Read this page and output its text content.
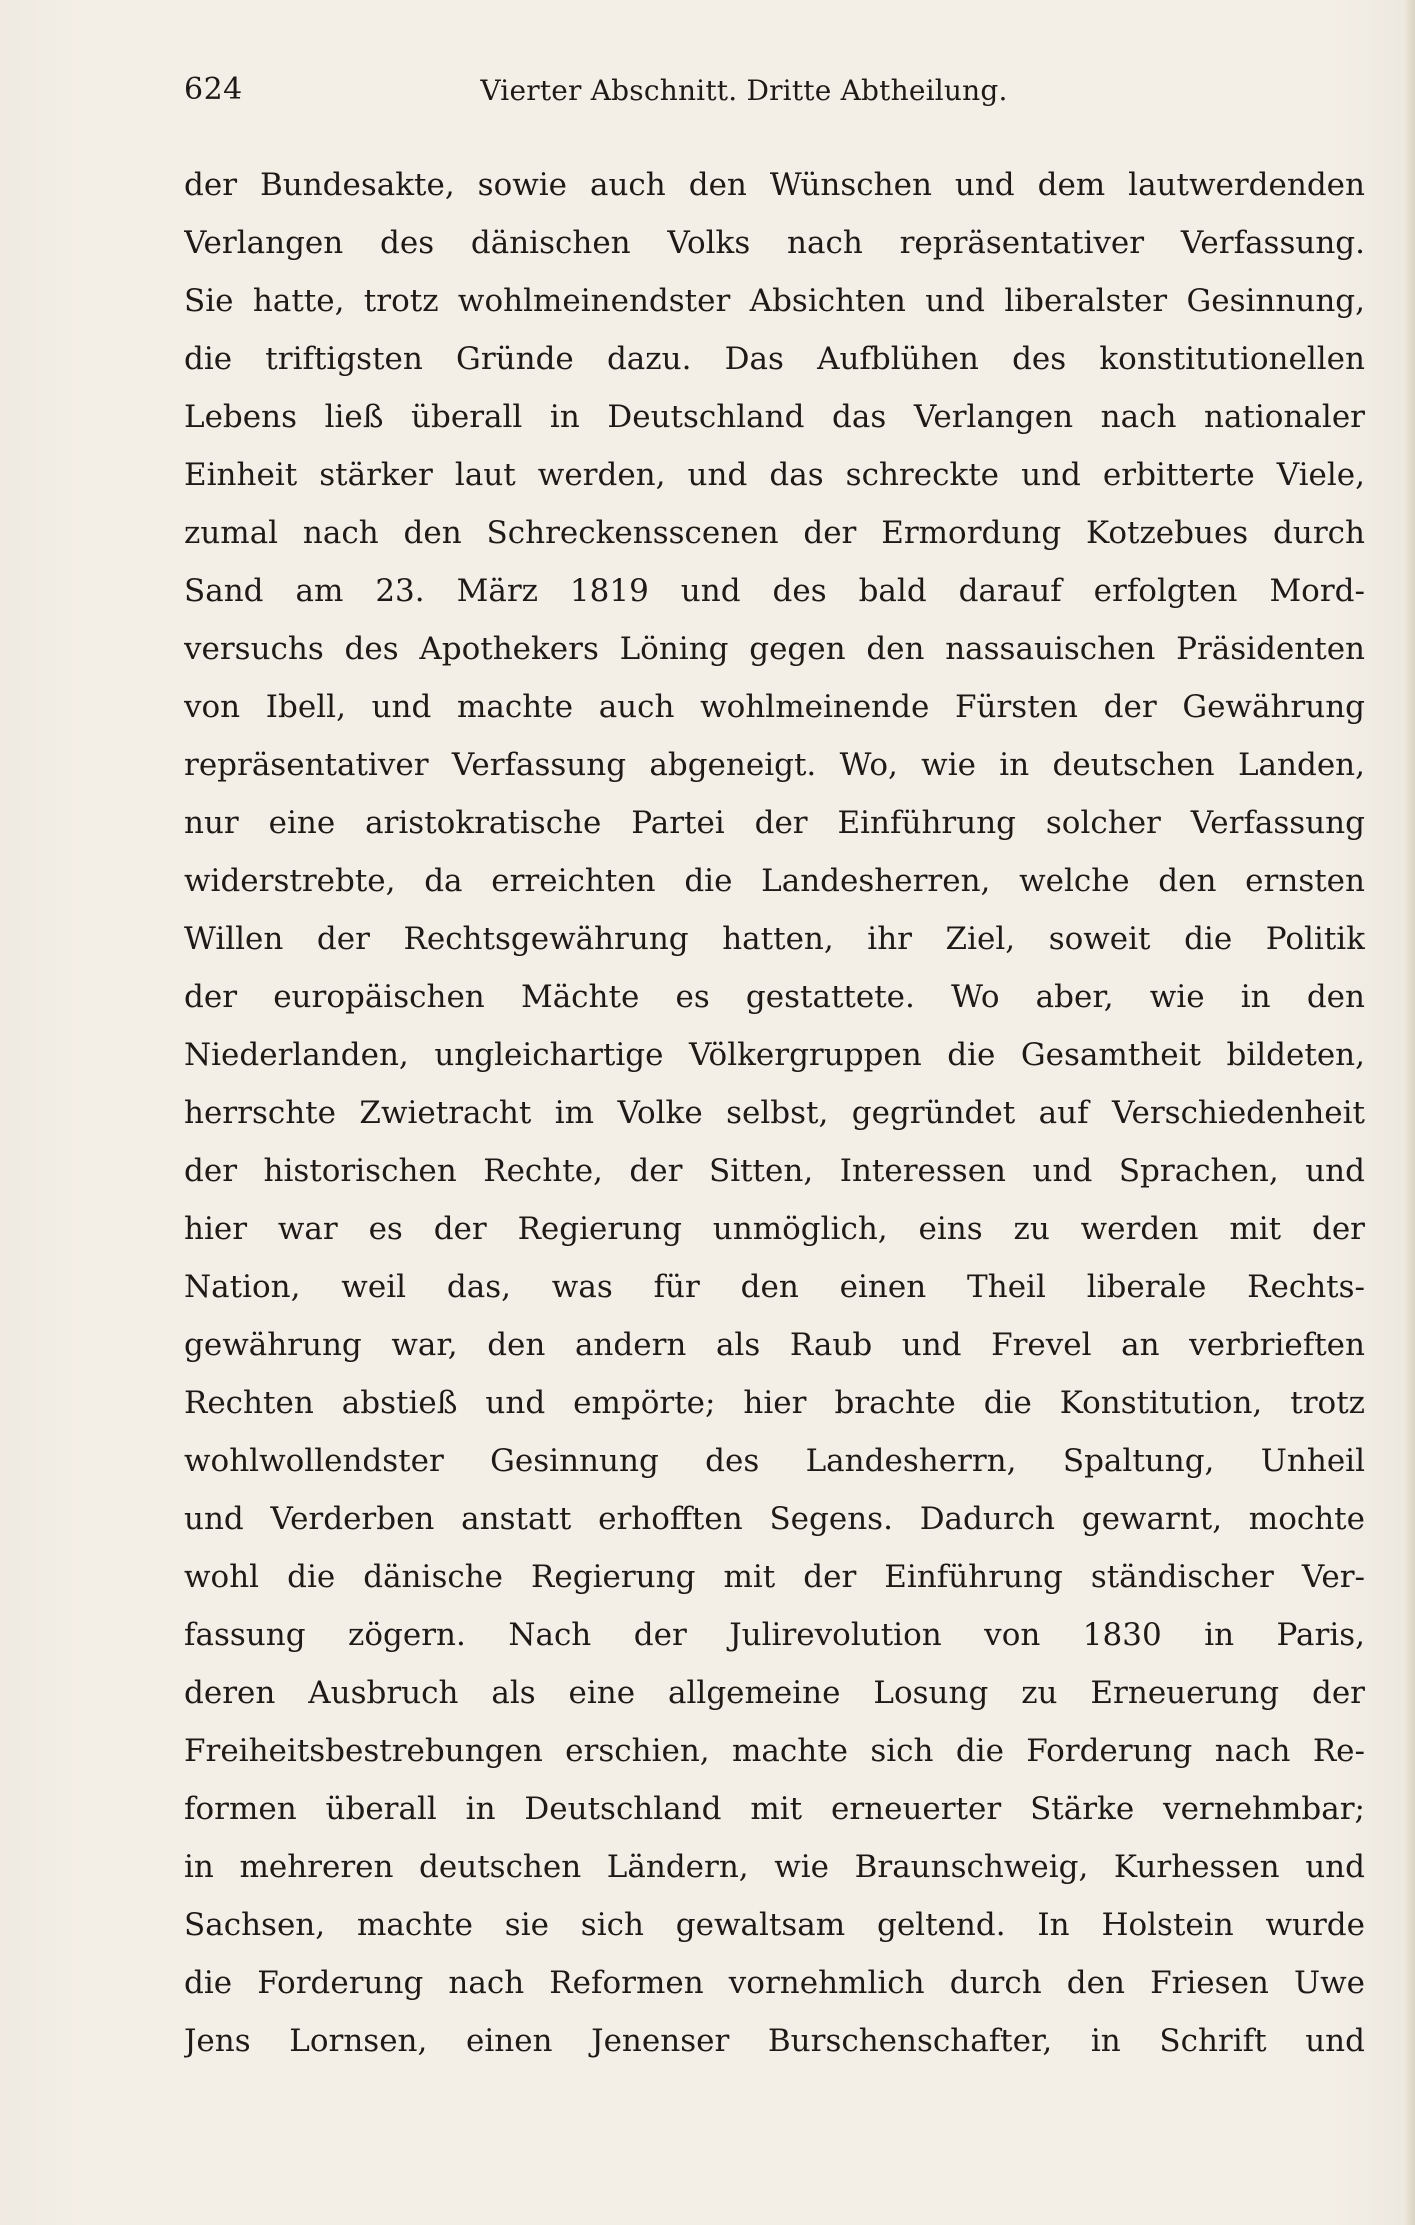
624	Vierter Abschnitt. Dritte Abtheilung.
der Bundesakte, sowie auch den Wünschen und dem lautwerdenden
Verlangen des dänischen Volks nach repräsentativer Verfassung.
Sie hatte, trotz wohlmeinendster Absichten und liberalster Gesinnung,
die triftigsten Gründe dazu. Das Aufblühen des konstitutionellen
Lebens ließ überall in Deutschland das Verlangen nach nationaler
Einheit stärker laut werden, und das schreckte und erbitterte Viele,
zumal nach den Schreckensscenen der Ermordung Kotzebues durch
Sand am 23. März 1819 und des bald darauf erfolgten Mord-
versuchs des Apothekers Löning gegen den nassauischen Präsidenten
von Ibell, und machte auch wohlmeinende Fürsten der Gewährung
repräsentativer Verfassung abgeneigt. Wo, wie in deutschen Landen,
nur eine aristokratische Partei der Einführung solcher Verfassung
widerstrebte, da erreichten die Landesherren, welche den ernsten
Willen der Rechtsgewährung hatten, ihr Ziel, soweit die Politik
der europäischen Mächte es gestattete. Wo aber, wie in den
Niederlanden, ungleichartige Völkergruppen die Gesamtheit bildeten,
herrschte Zwietracht im Volke selbst, gegründet auf Verschiedenheit
der historischen Rechte, der Sitten, Interessen und Sprachen, und
hier war es der Regierung unmöglich, eins zu werden mit der
Nation, weil das, was für den einen Theil liberale Rechts-
gewährung war, den andern als Raub und Frevel an verbrieften
Rechten abstieß und empörte; hier brachte die Konstitution, trotz
wohlwollendster Gesinnung des Landesherrn, Spaltung, Unheil
und Verderben anstatt erhofften Segens. Dadurch gewarnt, mochte
wohl die dänische Regierung mit der Einführung ständischer Ver-
fassung zögern. Nach der Julirevolution von 1830 in Paris,
deren Ausbruch als eine allgemeine Losung zu Erneuerung der
Freiheitsbestrebungen erschien, machte sich die Forderung nach Re-
formen überall in Deutschland mit erneuerter Stärke vernehmbar;
in mehreren deutschen Ländern, wie Braunschweig, Kurhessen und
Sachsen, machte sie sich gewaltsam geltend. In Holstein wurde
die Forderung nach Reformen vornehmlich durch den Friesen Uwe
Jens Lornsen, einen Jenenser Burschenschafter, in Schrift und
